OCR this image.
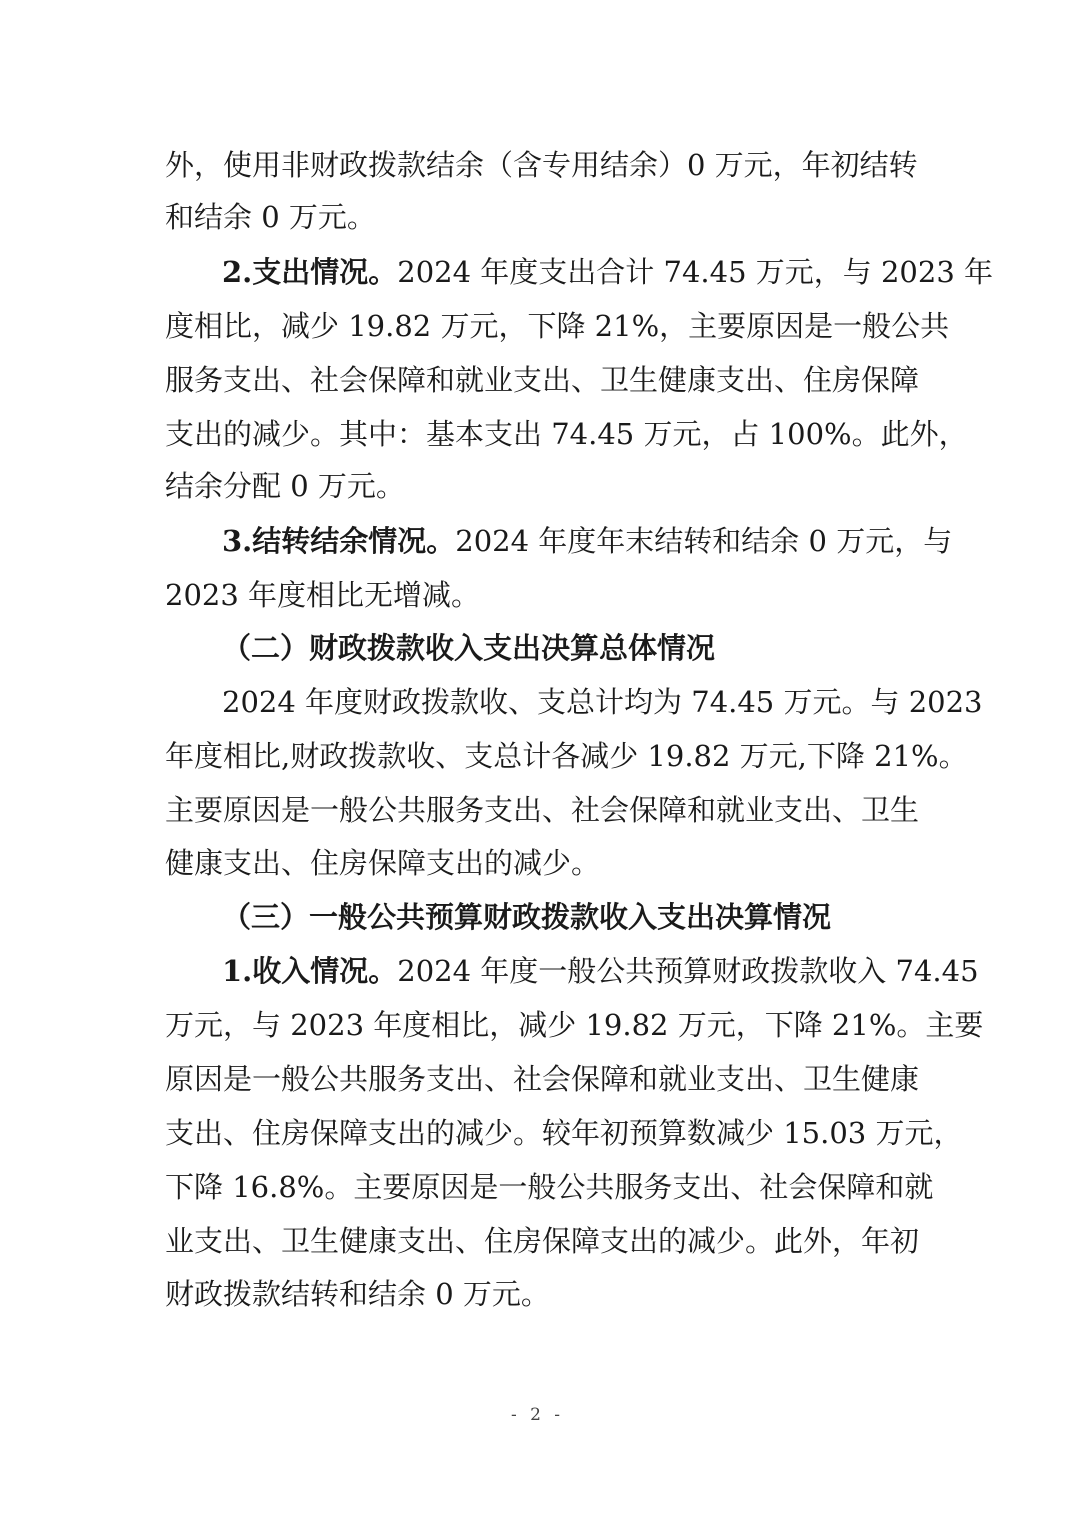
外，使用非财政拨款结余（含专用结余）0 万元，年初结转
和结余 0 万元。
2.支出情况。2024 年度支出合计 74.45 万元，与 2023 年
度相比，减少 19.82 万元，下降 21%，主要原因是一般公共
服务支出、社会保障和就业支出、卫生健康支出、住房保障
支出的减少。其中：基本支出 74.45 万元，占 100%。此外，
结余分配 0 万元。
3.结转结余情况。2024 年度年末结转和结余 0 万元，与
2023 年度相比无增减。
（二）财政拨款收入支出决算总体情况
2024 年度财政拨款收、支总计均为 74.45 万元。与 2023
年度相比,财政拨款收、支总计各减少 19.82 万元,下降 21%。
主要原因是一般公共服务支出、社会保障和就业支出、卫生
健康支出、住房保障支出的减少。
（三）一般公共预算财政拨款收入支出决算情况
1.收入情况。2024 年度一般公共预算财政拨款收入 74.45
万元，与 2023 年度相比，减少 19.82 万元，下降 21%。主要
原因是一般公共服务支出、社会保障和就业支出、卫生健康
支出、住房保障支出的减少。较年初预算数减少 15.03 万元，
下降 16.8%。主要原因是一般公共服务支出、社会保障和就
业支出、卫生健康支出、住房保障支出的减少。此外，年初
财政拨款结转和结余 0 万元。
- 2 -
